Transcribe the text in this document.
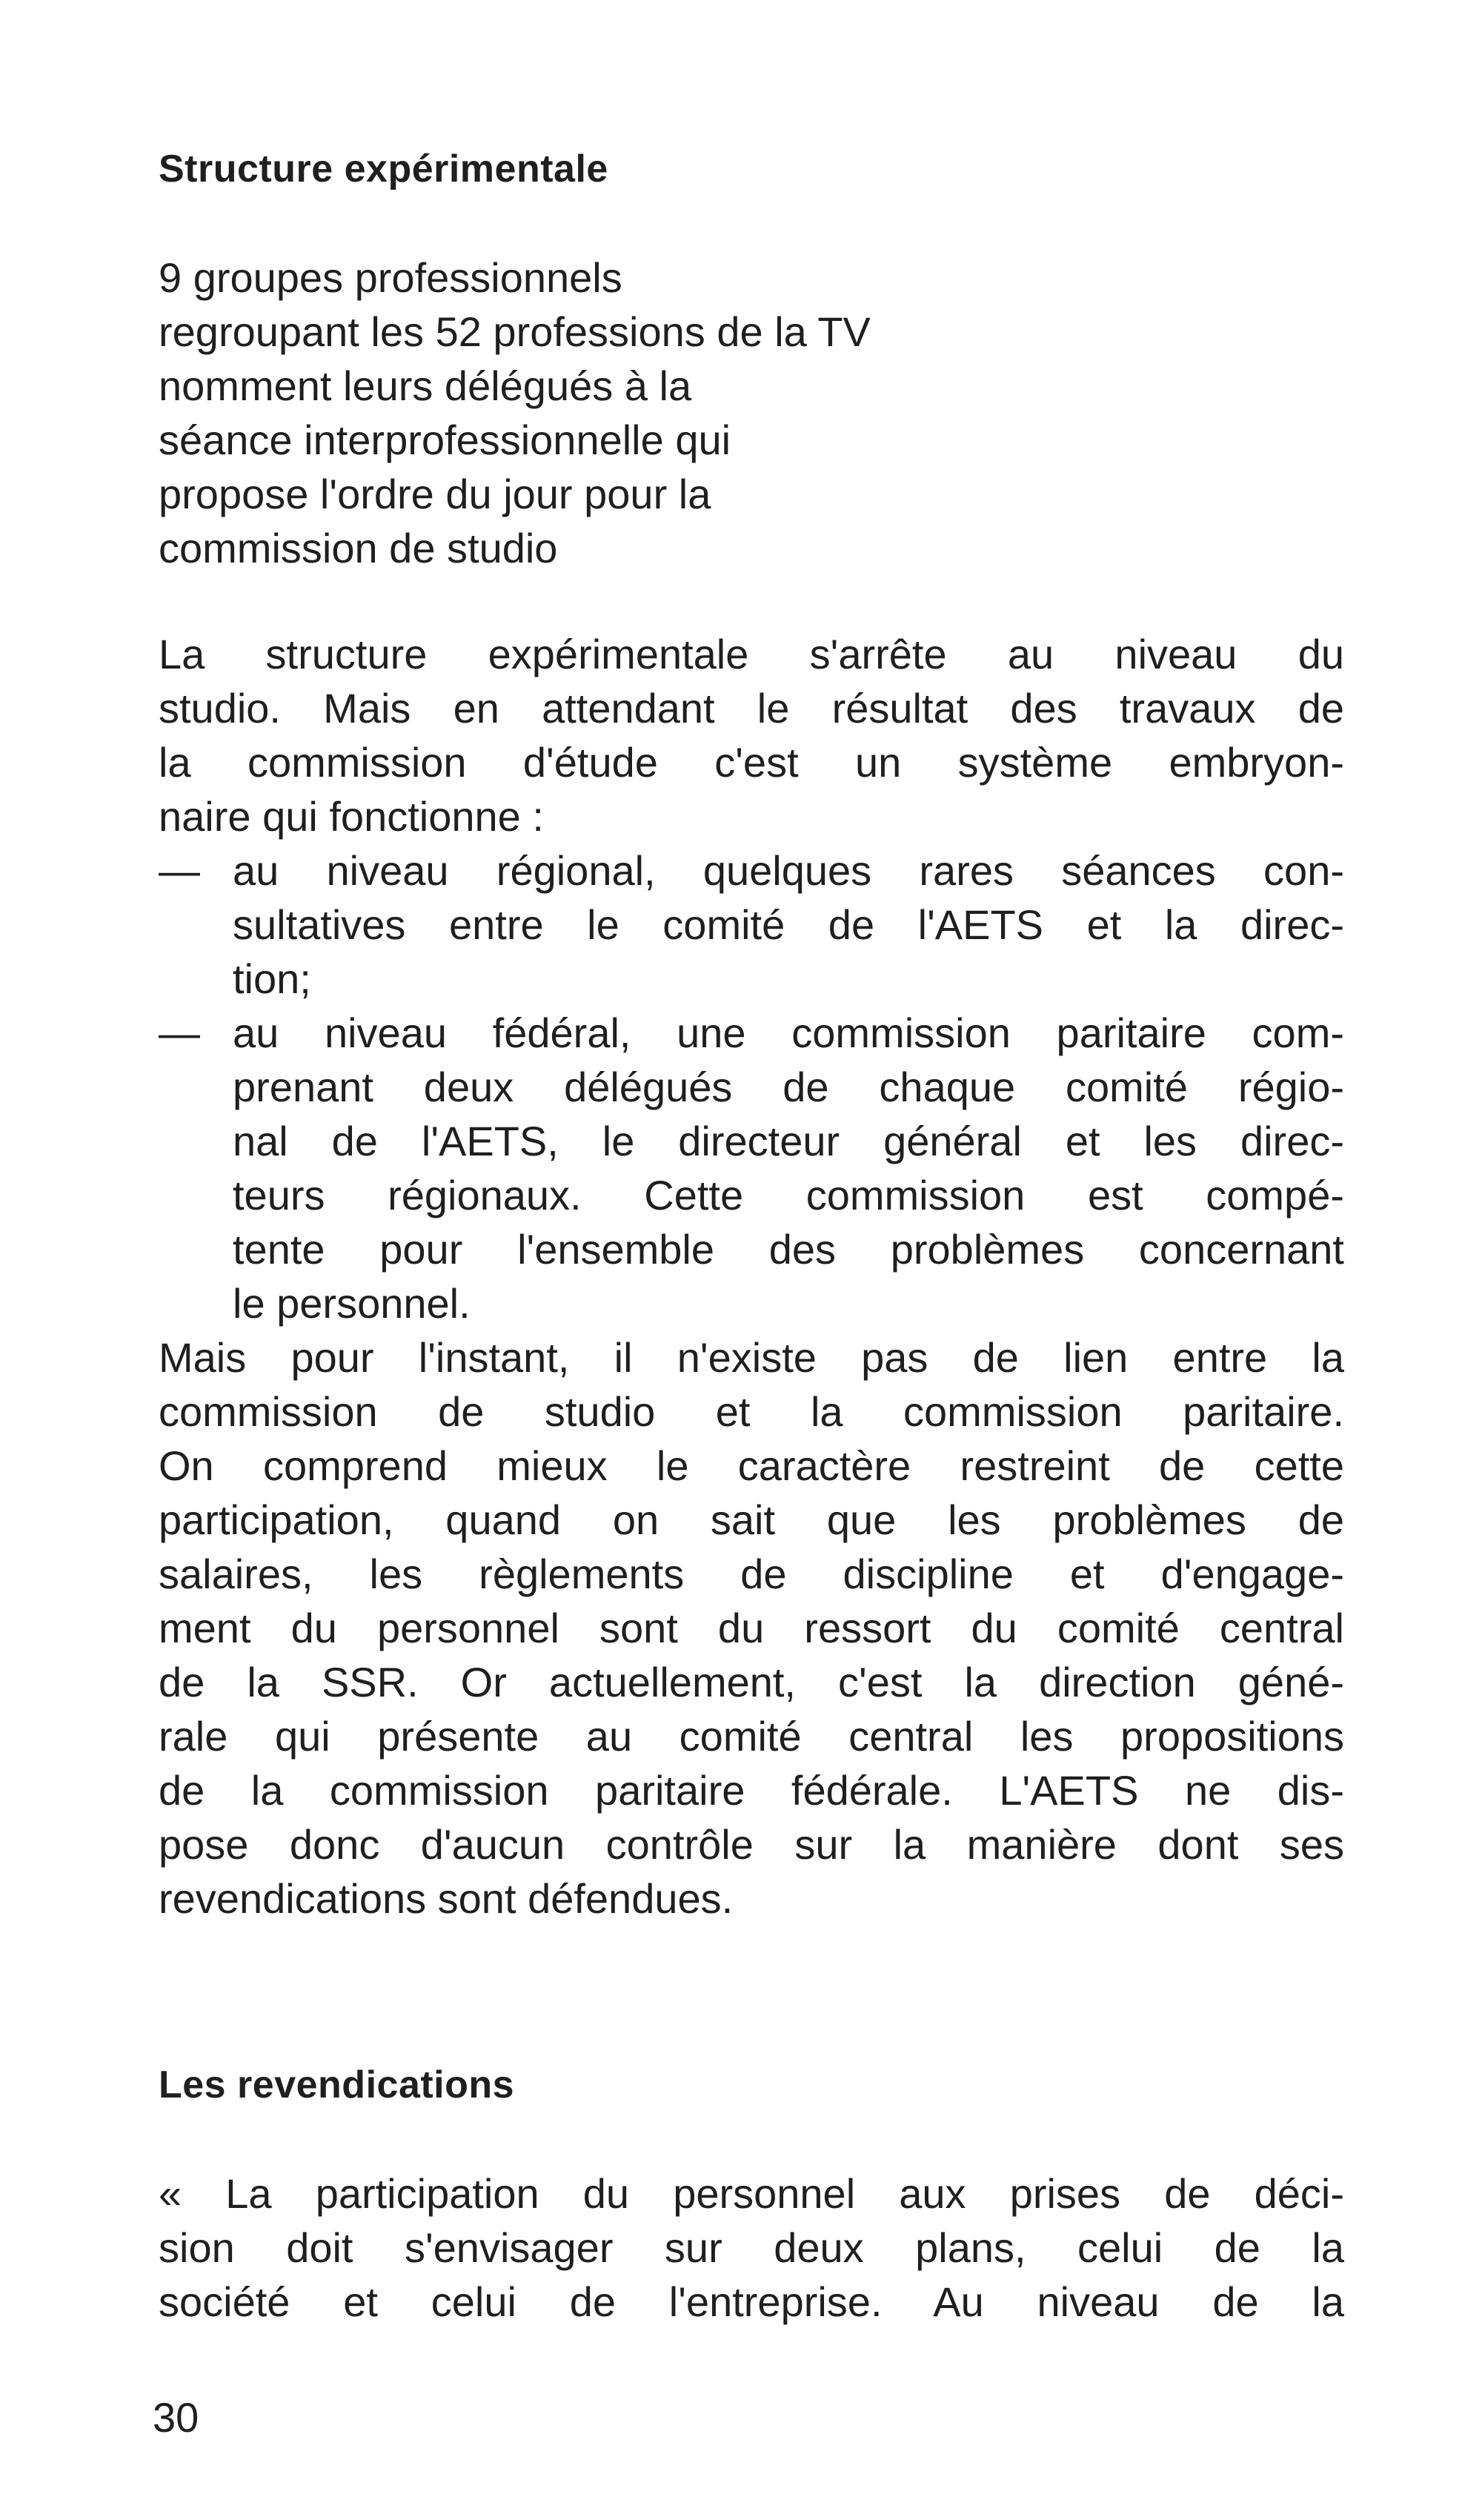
Structure expérimentale
9 groupes professionnels
regroupant les 52 professions de la TV
nomment leurs délégués à la
séance interprofessionnelle qui
propose l'ordre du jour pour la
commission de studio
La structure expérimentale s'arrête au niveau du
studio. Mais en attendant le résultat des travaux de
la commission d'étude c'est un système embryon-
naire qui fonctionne :
— au niveau régional, quelques rares séances con-
sultatives entre le comité de l'AETS et la direc-
tion;
— au niveau fédéral, une commission paritaire com-
prenant deux délégués de chaque comité régio-
nal de l'AETS, le directeur général et les direc-
teurs régionaux. Cette commission est compé-
tente pour l'ensemble des problèmes concernant
le personnel.
Mais pour l'instant, il n'existe pas de lien entre la
commission de studio et la commission paritaire.
On comprend mieux le caractère restreint de cette
participation, quand on sait que les problèmes de
salaires, les règlements de discipline et d'engage-
ment du personnel sont du ressort du comité central
de la SSR. Or actuellement, c'est la direction géné-
rale qui présente au comité central les propositions
de la commission paritaire fédérale. L'AETS ne dis-
pose donc d'aucun contrôle sur la manière dont ses
revendications sont défendues.
Les revendications
« La participation du personnel aux prises de déci-
sion doit s'envisager sur deux plans, celui de la
société et celui de l'entreprise. Au niveau de la
30
